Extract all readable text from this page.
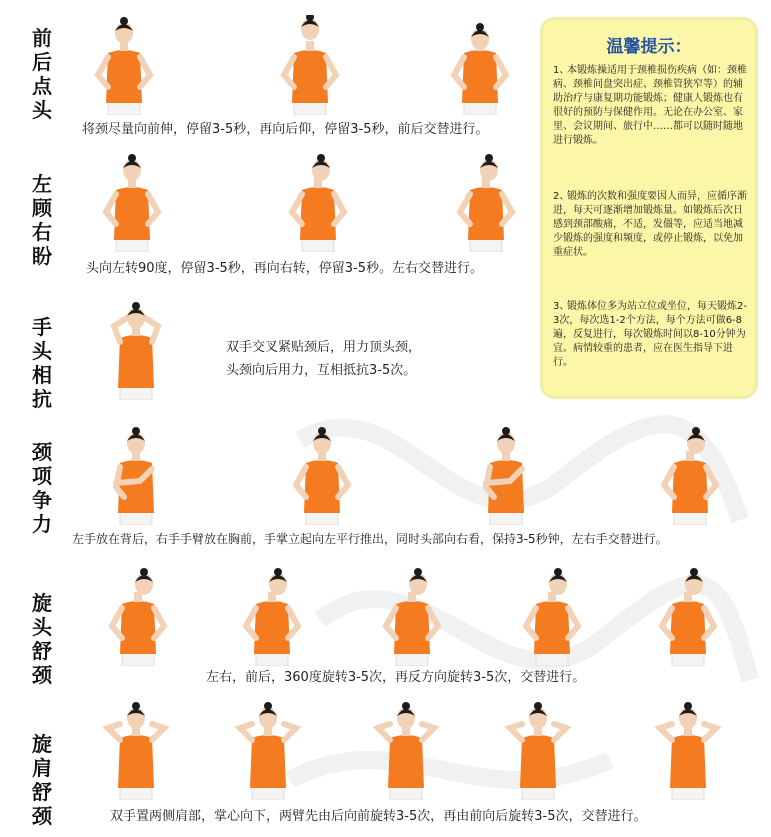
前
后
点
头
将颈尽量向前伸，停留3-5秒，再向后仰，停留3-5秒，前后交替进行。
左
顾
右
盼
头向左转90度，停留3-5秒，再向右转，停留3-5秒。左右交替进行。
手
头
相
抗
双手交叉紧贴颈后，用力顶头颈，
头颈向后用力，互相抵抗3-5次。
颈
项
争
力
左手放在背后，右手手臂放在胸前，手掌立起向左平行推出，同时头部向右看，保持3-5秒钟，左右手交替进行。
旋
头
舒
颈	左右，前后，360度旋转3-5次，再反方向旋转3-5次，交替进行。
旋
肩
舒
颈	双手置两侧肩部，掌心向下，两臂先由后向前旋转3-5次，再由前向后旋转3-5次，交替进行。
温馨提示：
1、本锻炼操适用于颈椎损伤疾病（如：颈椎病、颈椎间盘突出症、颈椎管狭窄等）的辅助治疗与康复期功能锻炼；健康人锻炼也有很好的预防与保健作用。无论在办公室、家里、会议期间、旅行中……都可以随时随地进行锻炼。
2、锻炼的次数和强度要因人而异，应循序渐进，每天可逐渐增加锻炼量。如锻炼后次日感到颈部酸痛，不适，发僵等，应适当地减少锻炼的强度和频度，或停止锻炼，以免加重症状。
3、锻炼体位多为站立位或坐位，每天锻炼2-3次，每次选1-2个方法，每个方法可做6-8遍，反复进行，每次锻炼时间以8-10分钟为宜。病情较重的患者，应在医生指导下进行。
